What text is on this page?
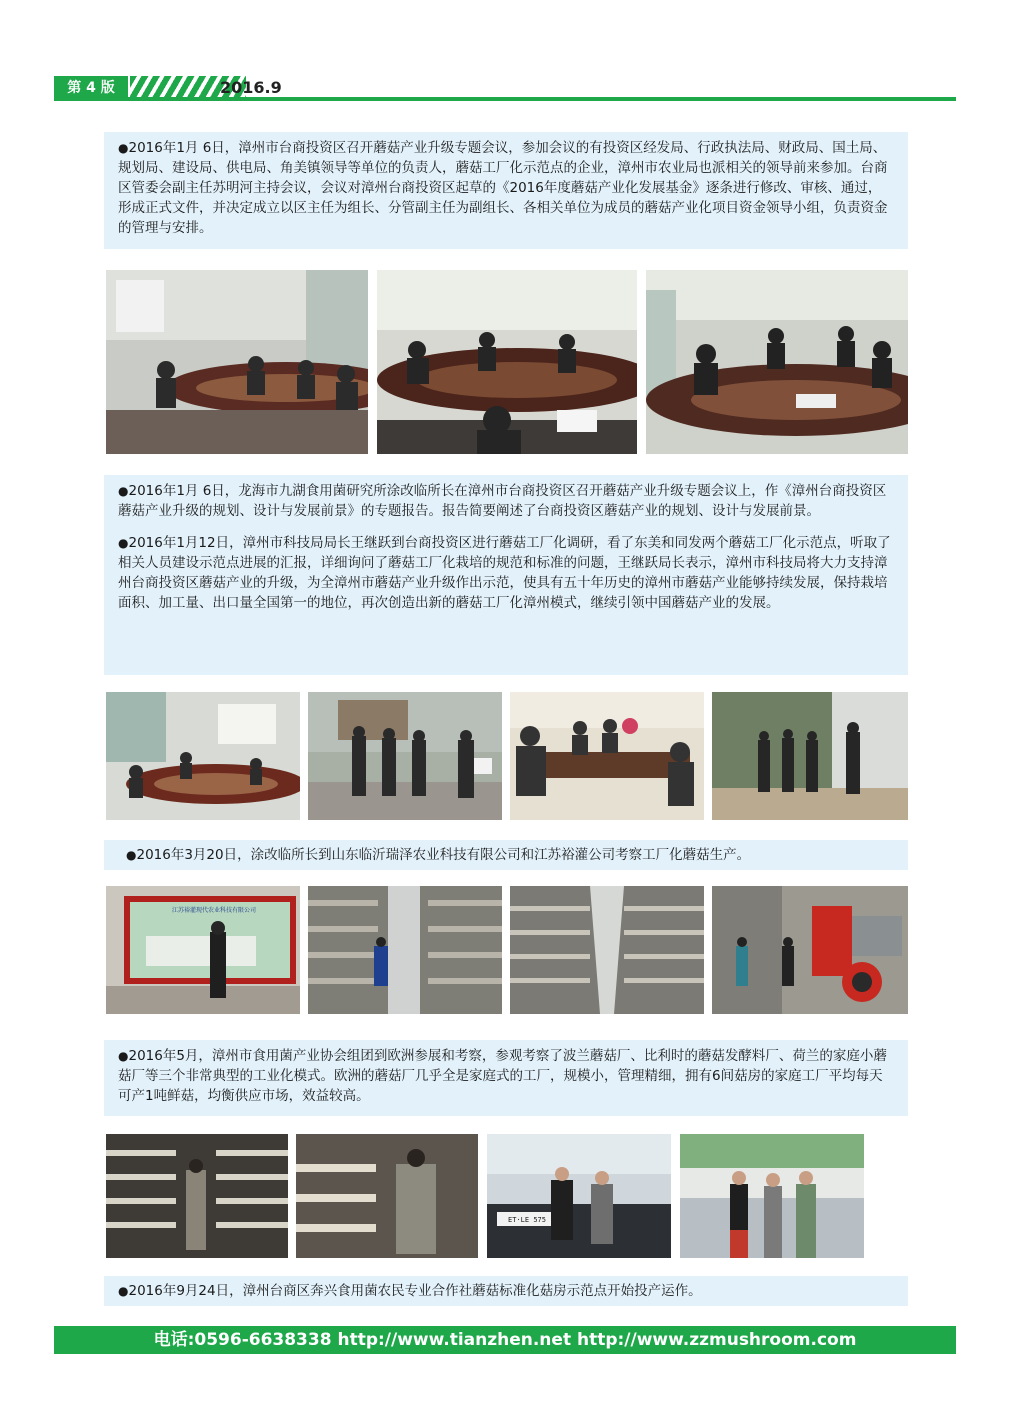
第 4 版	2016.9

●2016年1月 6日，漳州市台商投资区召开蘑菇产业升级专题会议，参加会议的有投资区经发局、行政执法局、财政局、国土局、规划局、建设局、供电局、角美镇领导等单位的负责人，蘑菇工厂化示范点的企业，漳州市农业局也派相关的领导前来参加。台商区管委会副主任苏明河主持会议，会议对漳州台商投资区起草的《2016年度蘑菇产业化发展基金》逐条进行修改、审核、通过，形成正式文件，并决定成立以区主任为组长、分管副主任为副组长、各相关单位为成员的蘑菇产业化项目资金领导小组，负责资金的管理与安排。

●2016年1月 6日，龙海市九湖食用菌研究所涂改临所长在漳州市台商投资区召开蘑菇产业升级专题会议上，作《漳州台商投资区蘑菇产业升级的规划、设计与发展前景》的专题报告。报告简要阐述了台商投资区蘑菇产业的规划、设计与发展前景。

●2016年1月12日，漳州市科技局局长王继跃到台商投资区进行蘑菇工厂化调研，看了东美和同发两个蘑菇工厂化示范点，听取了相关人员建设示范点进展的汇报，详细询问了蘑菇工厂化栽培的规范和标准的问题，王继跃局长表示，漳州市科技局将大力支持漳州台商投资区蘑菇产业的升级，为全漳州市蘑菇产业升级作出示范，使具有五十年历史的漳州市蘑菇产业能够持续发展，保持栽培面积、加工量、出口量全国第一的地位，再次创造出新的蘑菇工厂化漳州模式，继续引领中国蘑菇产业的发展。

●2016年3月20日，涂改临所长到山东临沂瑞泽农业科技有限公司和江苏裕灌公司考察工厂化蘑菇生产。

江苏裕灌现代农业科技有限公司

●2016年5月，漳州市食用菌产业协会组团到欧洲参展和考察，参观考察了波兰蘑菇厂、比利时的蘑菇发酵料厂、荷兰的家庭小蘑菇厂等三个非常典型的工业化模式。欧洲的蘑菇厂几乎全是家庭式的工厂，规模小，管理精细，拥有6间菇房的家庭工厂平均每天可产1吨鲜菇，均衡供应市场，效益较高。

ET·LE 575

●2016年9月24日，漳州台商区奔兴食用菌农民专业合作社蘑菇标准化菇房示范点开始投产运作。

电话:0596-6638338 http://www.tianzhen.net http://www.zzmushroom.com
